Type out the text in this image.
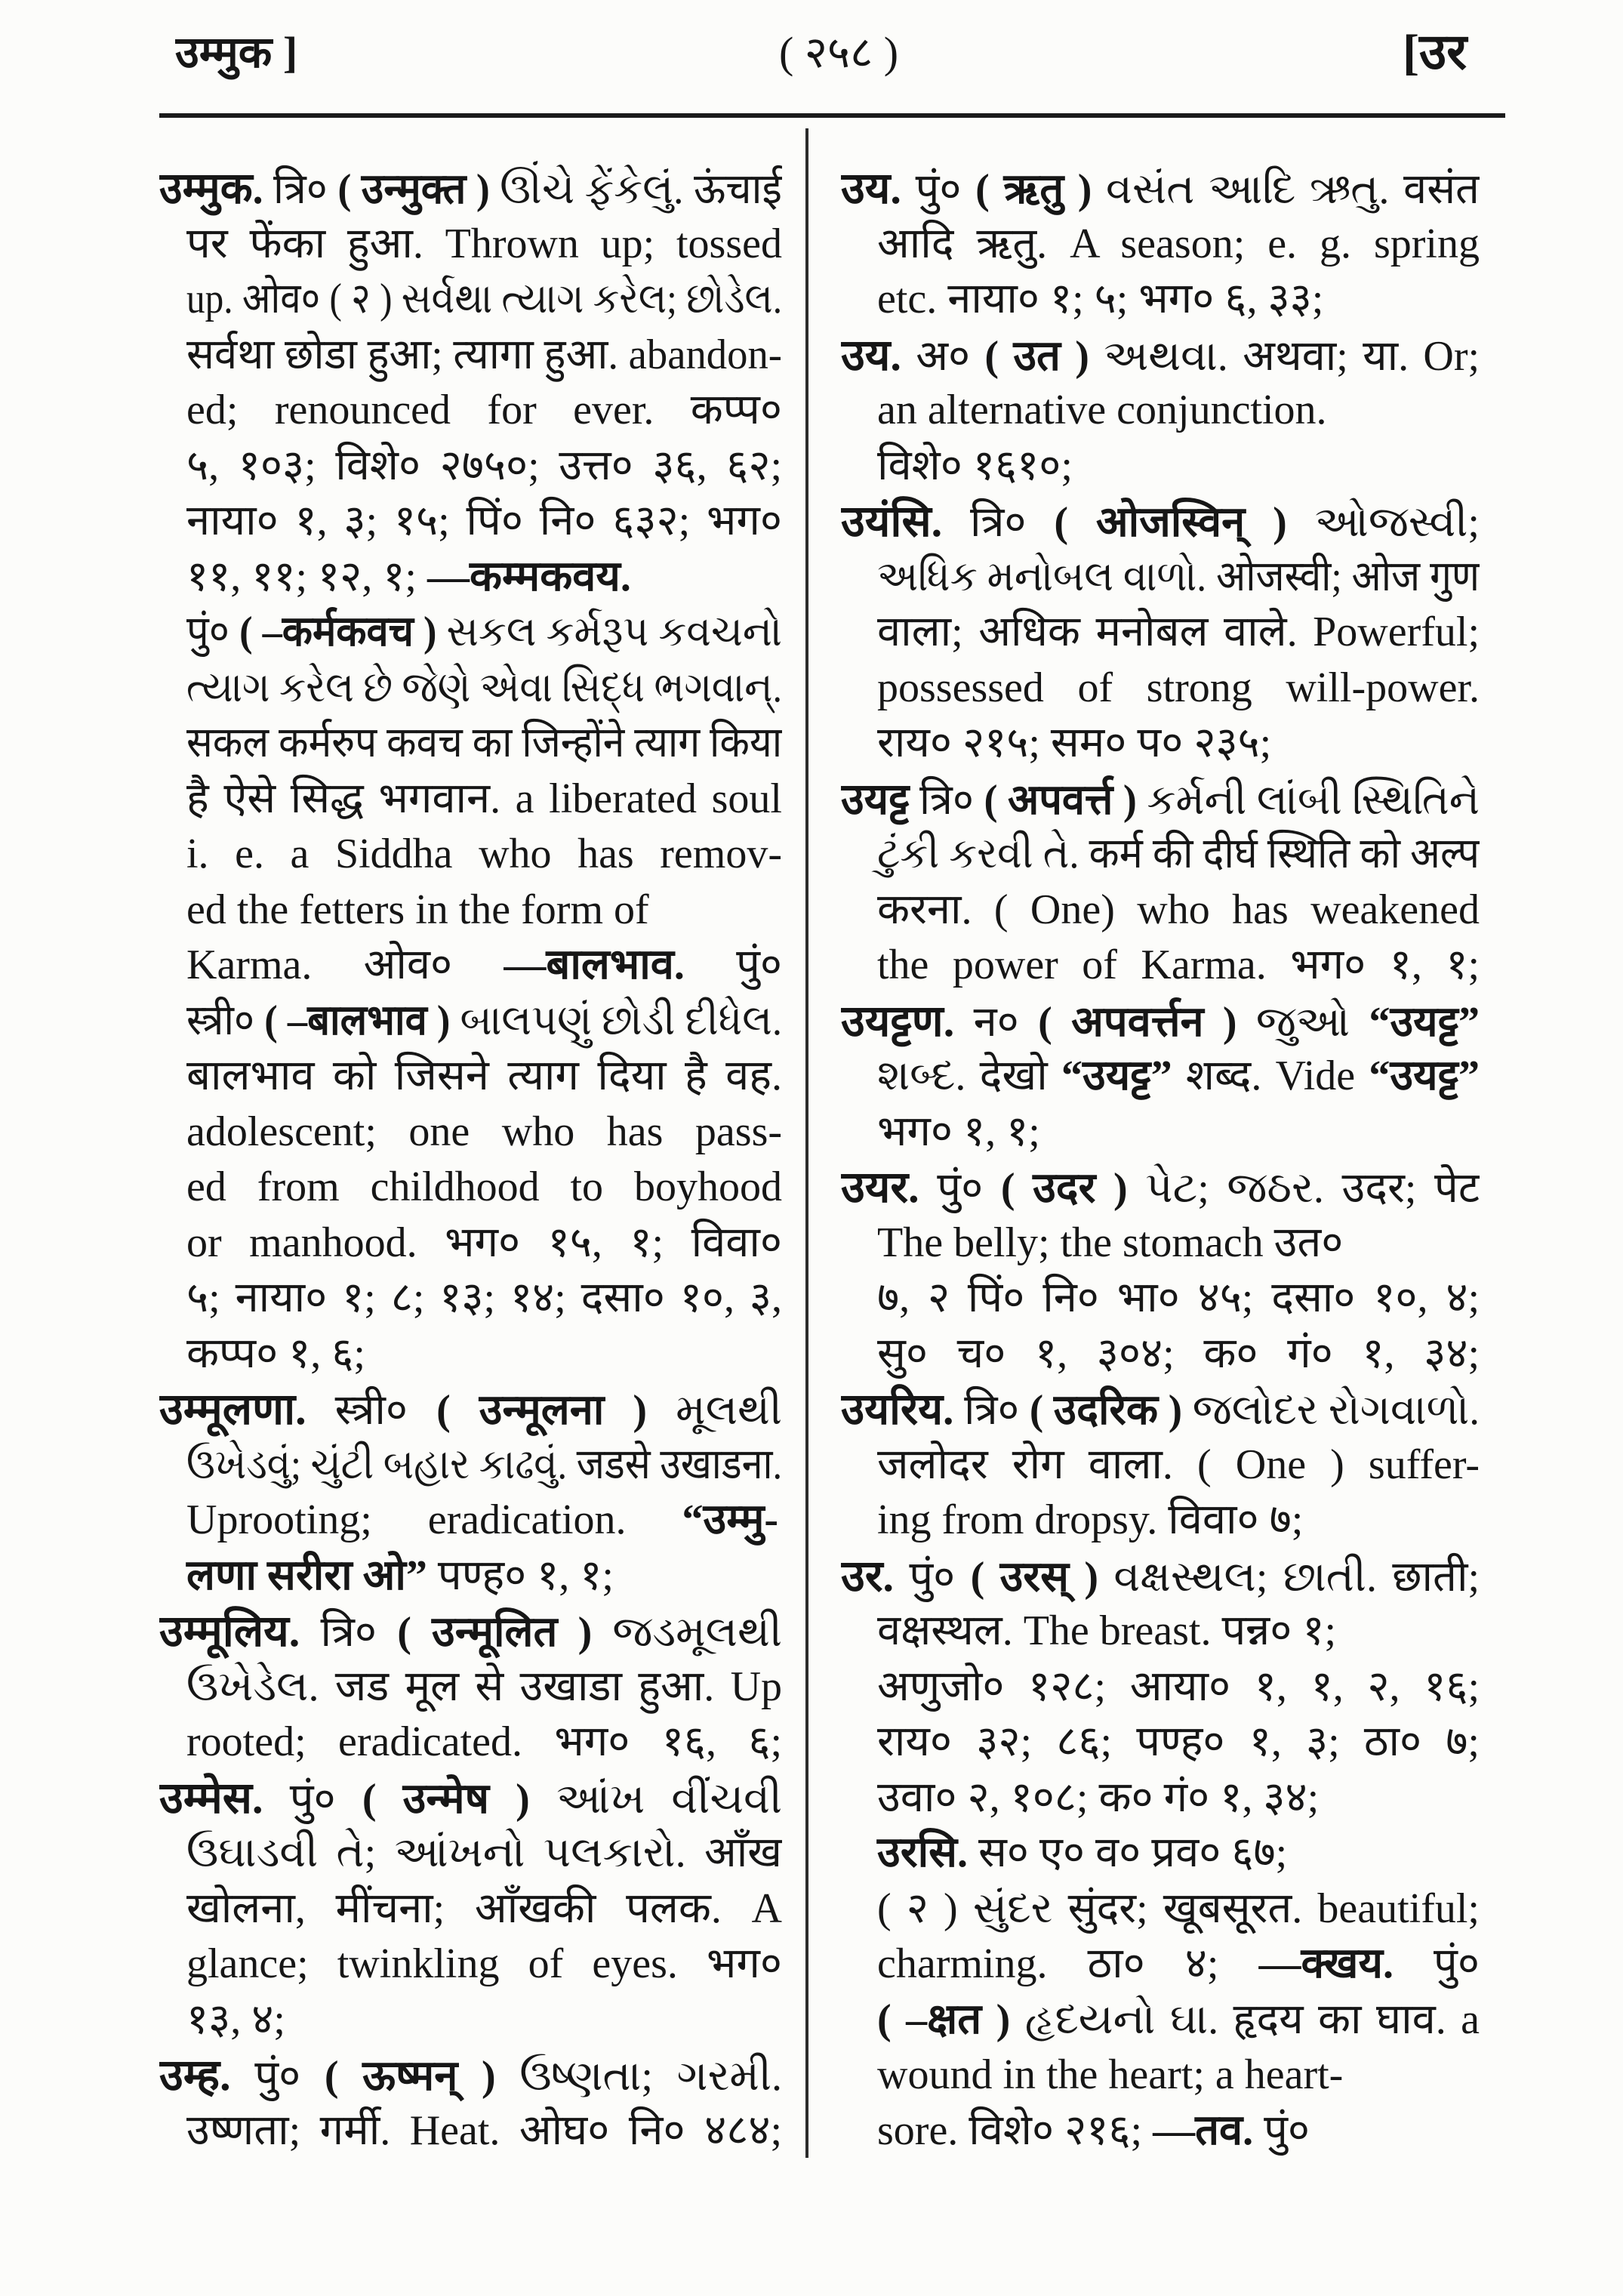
उम्मुक ]	( २५८ )	[उर
उम्मुक. त्रि० ( उन्मुक्त ) ઊંચે ફેંકેલું. ऊंचाई
पर फेंका हुआ. Thrown up; tossed
up. ओव० ( २ ) સર્વથા ત્યાગ કરેલ; છોડેલ.
सर्वथा छोडा हुआ; त्यागा हुआ. abandon-
ed; renounced for ever. कप्प०
५, १०३; विशे० २७५०; उत्त० ३६, ६२;
नाया० १, ३; १५; पिं० नि० ६३२; भग०
११, ११; १२, १; —कम्मकवय.
पुं० ( –कर्मकवच ) સકલ કર્મરૂપ કવચનો
ત્યાગ કરેલ છે જેણે એવા સિદ્ધ ભગવાન્.
सकल कर्मरुप कवच का जिन्होंने त्याग किया
है ऐसे सिद्ध भगवान. a liberated soul
i. e. a Siddha who has remov-
ed the fetters in the form of
Karma. ओव० —बालभाव. पुं०
स्त्री० ( –बालभाव ) બાલપણું છોડી દીધેલ.
बालभाव को जिसने त्याग दिया है वह.
adolescent; one who has pass-
ed from childhood to boyhood
or manhood. भग० १५, १; विवा०
५; नाया० १; ८; १३; १४; दसा० १०, ३,
कप्प० १, ६;
उम्मूलणा. स्त्री० ( उन्मूलना ) મૂલથી
ઉખેડવું; ચુંટી બહાર કાઢવું. जडसे उखाडना.
Uprooting; eradication. “उम्मु-
लणा सरीरा ओ” पण्ह० १, १;
उम्मूलिय. त्रि० ( उन्मूलित ) જડમૂલથી
ઉખેડેલ. जड मूल से उखाडा हुआ. Up
rooted; eradicated. भग० १६, ६;
उम्मेस. पुं० ( उन्मेष ) આંખ વીંચવી
ઉઘાડવી તે; આંખનો પલકારો. आँख
खोलना, मींचना; आँखकी पलक. A
glance; twinkling of eyes. भग०
१३, ४;
उम्ह. पुं० ( ऊष्मन् ) ઉષ્ણતા; ગરમી.
उष्णता; गर्मी. Heat. ओघ० नि० ४८४;
उय. पुं० ( ऋतु ) વસંત આદિ ઋતુ. वसंत
आदि ऋतु. A season; e. g. spring
etc. नाया० १; ५; भग० ६, ३३;
उय. अ० ( उत ) અથવા. अथवा; या. Or;
an alternative conjunction.
विशे० १६१०;
उयंसि. त्रि० ( ओजस्विन् ) ઓજસ્વી;
અધિક મનોબલ વાળો. ओजस्वी; ओज गुण
वाला; अधिक मनोबल वाले. Powerful;
possessed of strong will-power.
राय० २१५; सम० प० २३५;
उयट्ट त्रि० ( अपवर्त्त ) કર્મની લાંબી સ્થિતિને
ટુંકી કરવી તે. कर्म की दीर्घ स्थिति को अल्प
करना. ( One) who has weakened
the power of Karma. भग० १, १;
उयट्टण. न० ( अपवर्त्तन ) જુઓ “उयट्ट”
શબ્દ. देखो “उयट्ट” शब्द. Vide “उयट्ट”
भग० १, १;
उयर. पुं० ( उदर ) પેટ; જઠર. उदर; पेट
The belly; the stomach उत०
७, २ पिं० नि० भा० ४५; दसा० १०, ४;
सु० च० १, ३०४; क० गं० १, ३४;
उयरिय. त्रि० ( उदरिक ) જલોદર રોગવાળો.
जलोदर रोग वाला. ( One ) suffer-
ing from dropsy. विवा० ७;
उर. पुं० ( उरस् ) વક્ષસ્થલ; છાતી. छाती;
वक्षस्थल. The breast. पन्न० १;
अणुजो० १२८; आया० १, १, २, १६;
राय० ३२; ८६; पण्ह० १, ३; ठा० ७;
उवा० २, १०८; क० गं० १, ३४;
उरसि. स० ए० व० प्रव० ६७;
( २ ) સુંદર सुंदर; खूबसूरत. beautiful;
charming. ठा० ४; —क्खय. पुं०
( –क्षत ) હૃદયનો ઘા. हृदय का घाव. a
wound in the heart; a heart-
sore. विशे० २१६; —तव. पुं०
